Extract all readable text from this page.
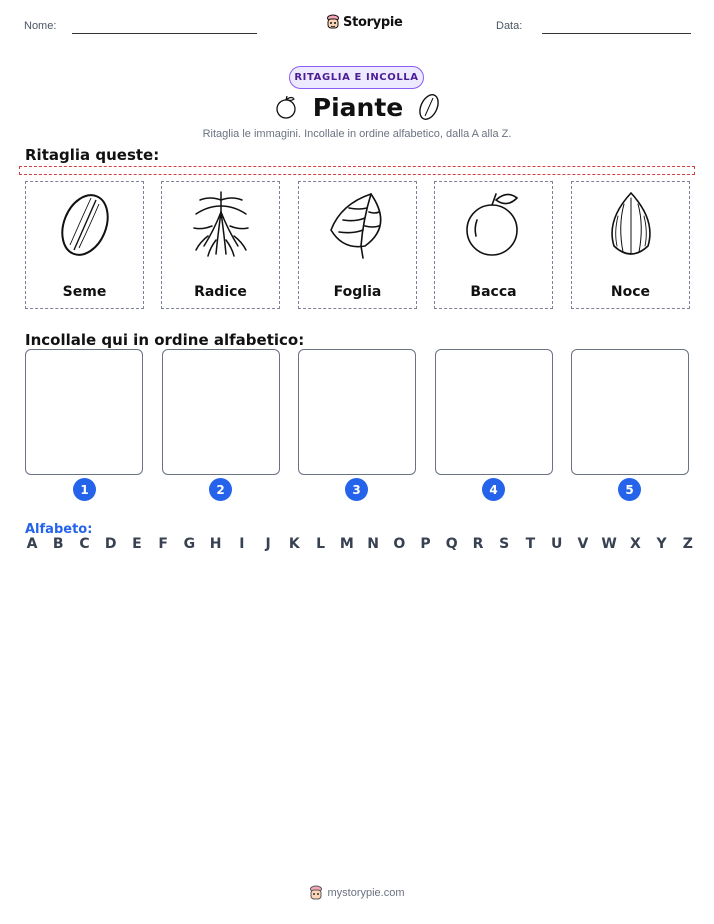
Nome:	Storypie	Data:
RITAGLIA E INCOLLA
Piante
Ritaglia le immagini. Incollale in ordine alfabetico, dalla A alla Z.
Ritaglia queste:
Seme	Radice	Foglia	Bacca	Noce
Incollale qui in ordine alfabetico:
1	2	3	4	5
Alfabeto:
A B C D E F G H	I	J	K L M N O P Q R S T U V W X Y Z
mystorypie.com
